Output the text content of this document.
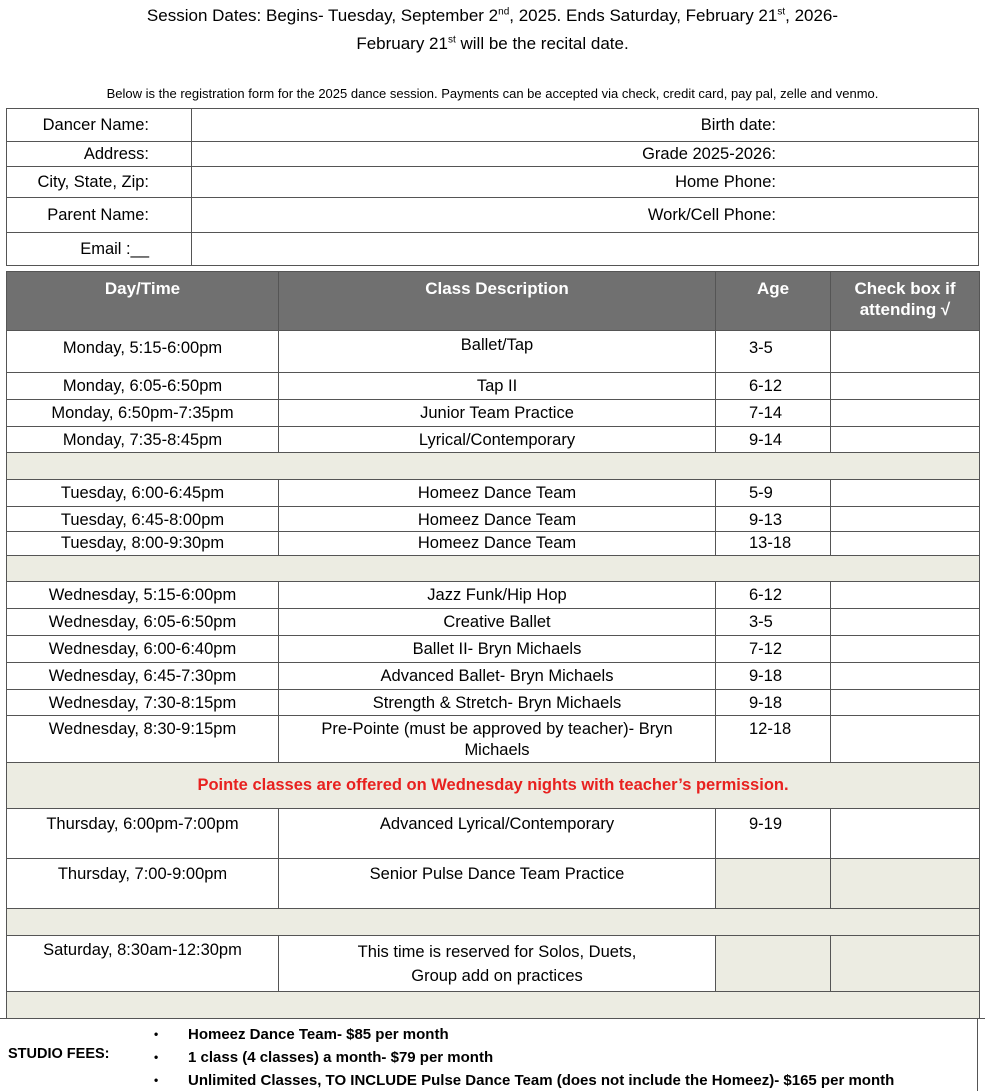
Session Dates: Begins- Tuesday, September 2nd, 2025. Ends Saturday, February 21st, 2026-
February 21st will be the recital date.
Below is the registration form for the 2025 dance session. Payments can be accepted via check, credit card, pay pal, zelle and venmo.
Dancer Name:	Birth date:
Address:	Grade 2025-2026:
City, State, Zip:	Home Phone:
Parent Name:	Work/Cell Phone:
Email :__	
Day/Time	Class Description	Age	Check box if attending √
Monday, 5:15-6:00pm	Ballet/Tap	3-5	
Monday, 6:05-6:50pm	Tap II	6-12	
Monday, 6:50pm-7:35pm	Junior Team Practice	7-14	
Monday, 7:35-8:45pm	Lyrical/Contemporary	9-14	

Tuesday, 6:00-6:45pm	Homeez Dance Team	5-9	
Tuesday, 6:45-8:00pm	Homeez Dance Team	9-13	
Tuesday, 8:00-9:30pm	Homeez Dance Team	13-18	

Wednesday, 5:15-6:00pm	Jazz Funk/Hip Hop	6-12	
Wednesday, 6:05-6:50pm	Creative Ballet	3-5	
Wednesday, 6:00-6:40pm	Ballet II- Bryn Michaels	7-12	
Wednesday, 6:45-7:30pm	Advanced Ballet- Bryn Michaels	9-18	
Wednesday, 7:30-8:15pm	Strength & Stretch- Bryn Michaels	9-18	
Wednesday, 8:30-9:15pm	Pre-Pointe (must be approved by teacher)- Bryn Michaels	12-18	
Pointe classes are offered on Wednesday nights with teacher’s permission.			
Thursday, 6:00pm-7:00pm	Advanced Lyrical/Contemporary	9-19	
Thursday, 7:00-9:00pm	Senior Pulse Dance Team Practice		

Saturday, 8:30am-12:30pm	This time is reserved for Solos, Duets,
Group add on practices		

STUDIO FEES:
• Homeez Dance Team- $85 per month
• 1 class (4 classes) a month- $79 per month
• Unlimited Classes, TO INCLUDE Pulse Dance Team (does not include the Homeez)- $165 per month
